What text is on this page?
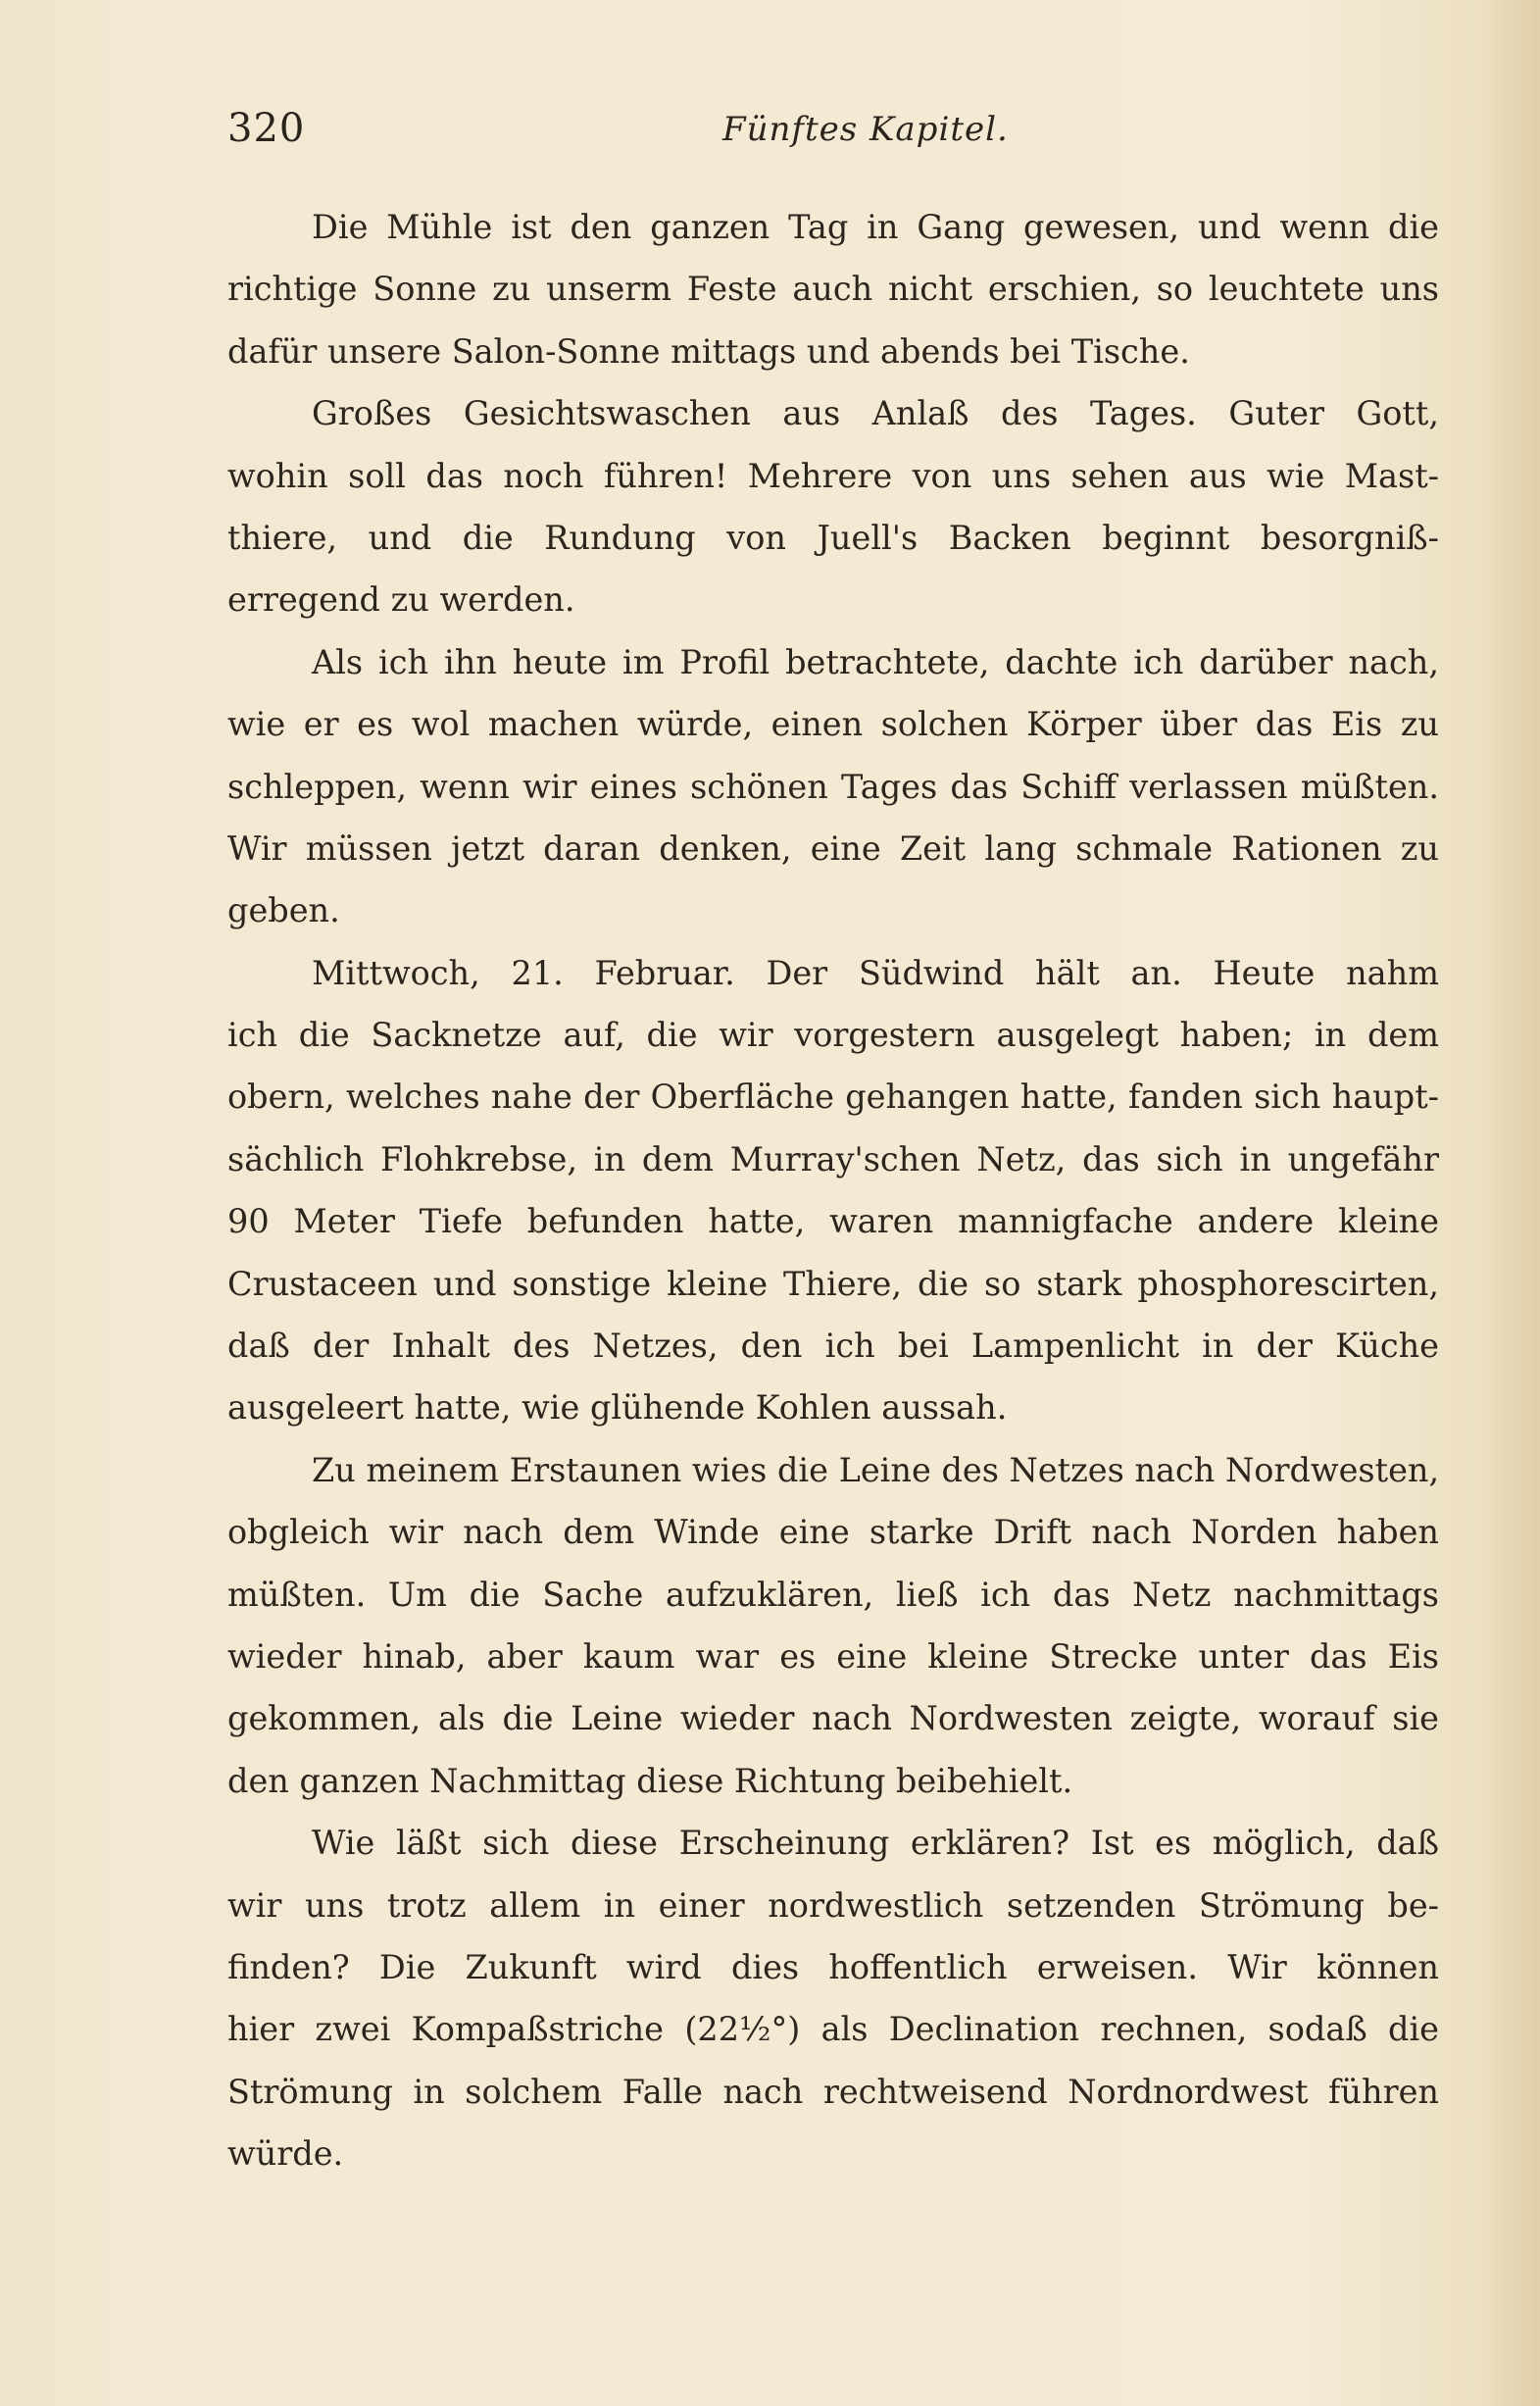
320	Fünftes Kapitel.
Die Mühle ist den ganzen Tag in Gang gewesen, und wenn die
richtige Sonne zu unserm Feste auch nicht erschien, so leuchtete uns
dafür unsere Salon-Sonne mittags und abends bei Tische.
Großes Gesichtswaschen aus Anlaß des Tages. Guter Gott,
wohin soll das noch führen! Mehrere von uns sehen aus wie Mast-
thiere, und die Rundung von Juell's Backen beginnt besorgniß-
erregend zu werden.
Als ich ihn heute im Profil betrachtete, dachte ich darüber nach,
wie er es wol machen würde, einen solchen Körper über das Eis zu
schleppen, wenn wir eines schönen Tages das Schiff verlassen müßten.
Wir müssen jetzt daran denken, eine Zeit lang schmale Rationen zu
geben.
Mittwoch, 21. Februar. Der Südwind hält an. Heute nahm
ich die Sacknetze auf, die wir vorgestern ausgelegt haben; in dem
obern, welches nahe der Oberfläche gehangen hatte, fanden sich haupt-
sächlich Flohkrebse, in dem Murray'schen Netz, das sich in ungefähr
90 Meter Tiefe befunden hatte, waren mannigfache andere kleine
Crustaceen und sonstige kleine Thiere, die so stark phosphorescirten,
daß der Inhalt des Netzes, den ich bei Lampenlicht in der Küche
ausgeleert hatte, wie glühende Kohlen aussah.
Zu meinem Erstaunen wies die Leine des Netzes nach Nordwesten,
obgleich wir nach dem Winde eine starke Drift nach Norden haben
müßten. Um die Sache aufzuklären, ließ ich das Netz nachmittags
wieder hinab, aber kaum war es eine kleine Strecke unter das Eis
gekommen, als die Leine wieder nach Nordwesten zeigte, worauf sie
den ganzen Nachmittag diese Richtung beibehielt.
Wie läßt sich diese Erscheinung erklären? Ist es möglich, daß
wir uns trotz allem in einer nordwestlich setzenden Strömung be-
finden? Die Zukunft wird dies hoffentlich erweisen. Wir können
hier zwei Kompaßstriche (22½°) als Declination rechnen, sodaß die
Strömung in solchem Falle nach rechtweisend Nordnordwest führen
würde.
